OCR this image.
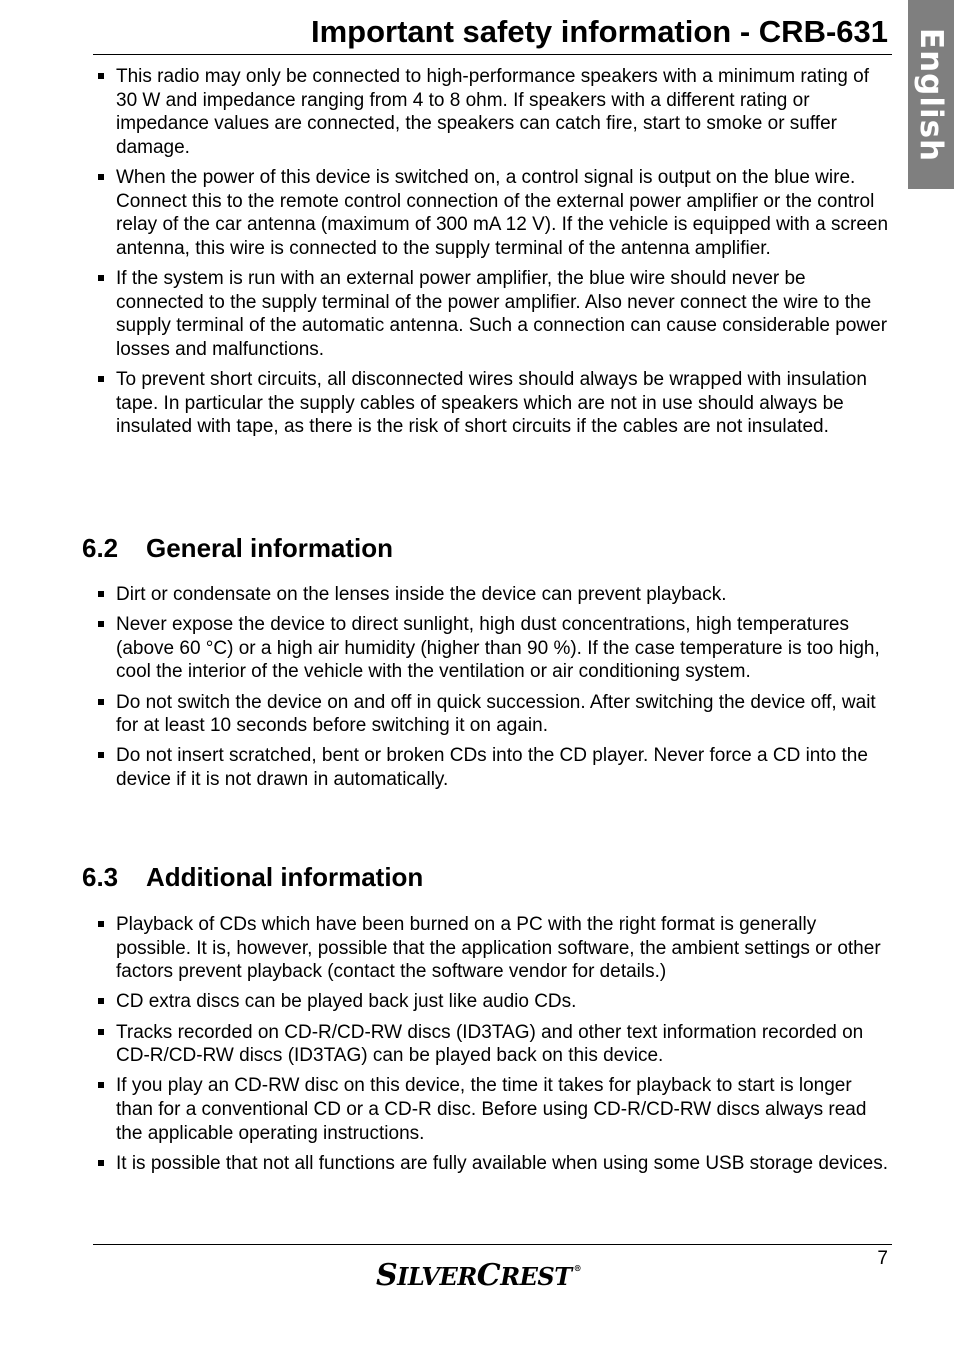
English
Important safety information - CRB-631
This radio may only be connected to high-performance speakers with a minimum rating of 30 W and impedance ranging from 4 to 8 ohm. If speakers with a different rating or impedance values are connected, the speakers can catch fire, start to smoke or suffer damage.
When the power of this device is switched on, a control signal is output on the blue wire. Connect this to the remote control connection of the external power amplifier or the control relay of the car antenna (maximum of 300 mA 12 V). If the vehicle is equipped with a screen antenna, this wire is connected to the supply terminal of the antenna amplifier.
If the system is run with an external power amplifier, the blue wire should never be connected to the supply terminal of the power amplifier. Also never connect the wire to the supply terminal of the automatic antenna. Such a connection can cause considerable power losses and malfunctions.
To prevent short circuits, all disconnected wires should always be wrapped with insulation tape. In particular the supply cables of speakers which are not in use should always be insulated with tape, as there is the risk of short circuits if the cables are not insulated.
6.2 General information
Dirt or condensate on the lenses inside the device can prevent playback.
Never expose the device to direct sunlight, high dust concentrations, high temperatures (above 60 °C) or a high air humidity (higher than 90 %). If the case temperature is too high, cool the interior of the vehicle with the ventilation or air conditioning system.
Do not switch the device on and off in quick succession. After switching the device off, wait for at least 10 seconds before switching it on again.
Do not insert scratched, bent or broken CDs into the CD player. Never force a CD into the device if it is not drawn in automatically.
6.3 Additional information
Playback of CDs which have been burned on a PC with the right format is generally possible. It is, however, possible that the application software, the ambient settings or other factors prevent playback (contact the software vendor for details.)
CD extra discs can be played back just like audio CDs.
Tracks recorded on CD-R/CD-RW discs (ID3TAG) and other text information recorded on CD-R/CD-RW discs (ID3TAG) can be played back on this device.
If you play an CD-RW disc on this device, the time it takes for playback to start is longer than for a conventional CD or a CD-R disc. Before using CD-R/CD-RW discs always read the applicable operating instructions.
It is possible that not all functions are fully available when using some USB storage devices.
7
SILVERCREST ®
